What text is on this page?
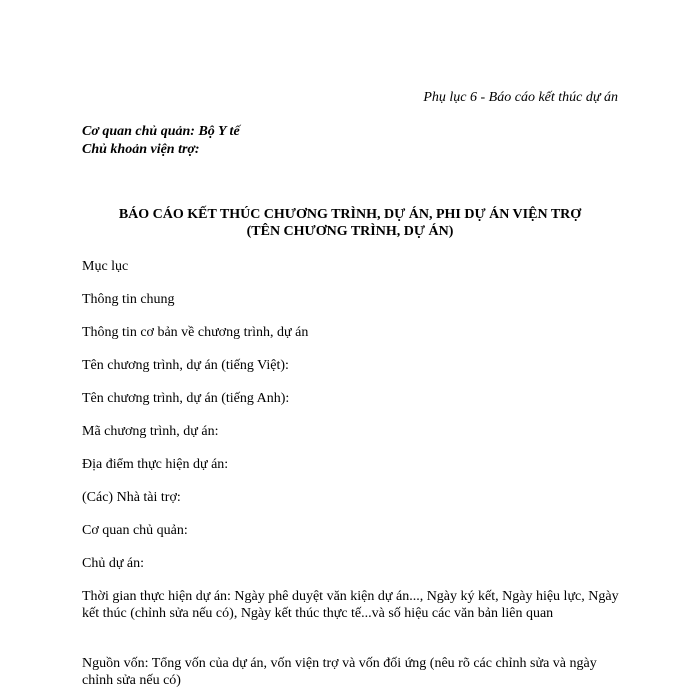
Phụ lục 6 - Báo cáo kết thúc dự án
Cơ quan chủ quản: Bộ Y tế
Chủ khoản viện trợ:
BÁO CÁO KẾT THÚC CHƯƠNG TRÌNH, DỰ ÁN, PHI DỰ ÁN VIỆN TRỢ
(TÊN CHƯƠNG TRÌNH, DỰ ÁN)
Mục lục
Thông tin chung
Thông tin cơ bản về chương trình, dự án
Tên chương trình, dự án (tiếng Việt):
Tên chương trình, dự án (tiếng Anh):
Mã chương trình, dự án:
Địa điểm thực hiện dự án:
(Các) Nhà tài trợ:
Cơ quan chủ quản:
Chủ dự án:
Thời gian thực hiện dự án: Ngày phê duyệt văn kiện dự án..., Ngày ký kết, Ngày hiệu lực, Ngày kết thúc (chỉnh sửa nếu có), Ngày kết thúc thực tế...và số hiệu các văn bản liên quan
Nguồn vốn: Tổng vốn của dự án, vốn viện trợ và vốn đối ứng (nêu rõ các chỉnh sửa và ngày chỉnh sửa nếu có)
